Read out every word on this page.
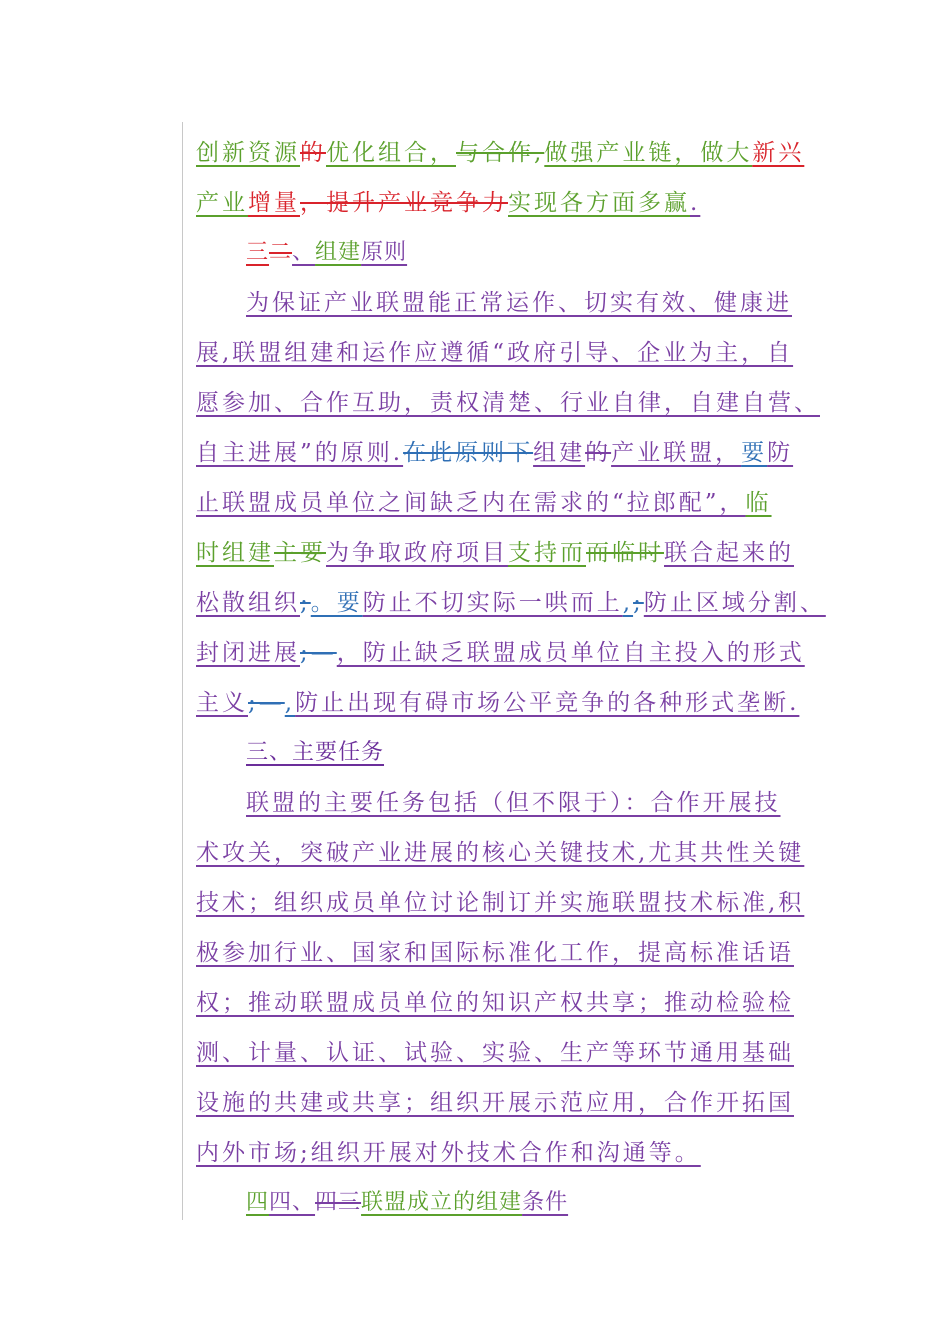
创新资源的优化组合，与合作,做强产业链，做大新兴
产业增量，提升产业竞争力实现各方面多赢.
三二、组建原则
为保证产业联盟能正常运作、切实有效、健康进
展,联盟组建和运作应遵循“政府引导、企业为主，自
愿参加、合作互助，责权清楚、行业自律，自建自营、
自主进展”的原则.在此原则下组建的产业联盟，要防
止联盟成员单位之间缺乏内在需求的“拉郎配”，临
时组建主要为争取政府项目支持而而临时联合起来的
松散组织;。要防止不切实际一哄而上,;防止区域分割、
封闭进展;—，防止缺乏联盟成员单位自主投入的形式
主义;—,防止出现有碍市场公平竞争的各种形式垄断.
三、主要任务
联盟的主要任务包括（但不限于）：合作开展技
术攻关，突破产业进展的核心关键技术,尤其共性关键
技术；组织成员单位讨论制订并实施联盟技术标准,积
极参加行业、国家和国际标准化工作，提高标准话语
权；推动联盟成员单位的知识产权共享；推动检验检
测、计量、认证、试验、实验、生产等环节通用基础
设施的共建或共享；组织开展示范应用，合作开拓国
内外市场;组织开展对外技术合作和沟通等。
四四、四三联盟成立的组建条件
